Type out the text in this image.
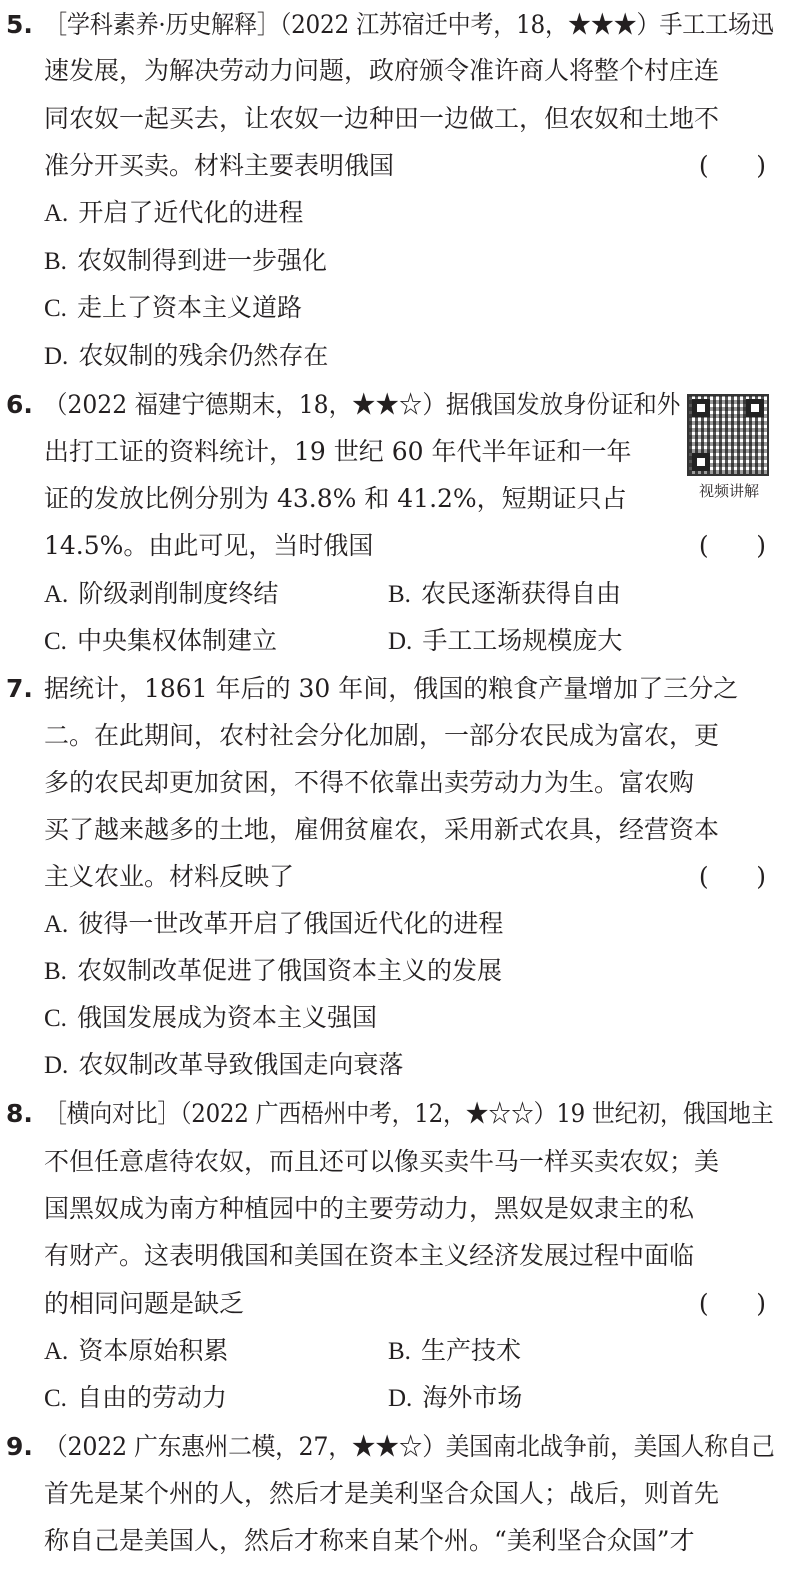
5. ［学科素养·历史解释］（2022 江苏宿迁中考，18，★★★）手工工场迅
速发展，为解决劳动力问题，政府颁令准许商人将整个村庄连
同农奴一起买去，让农奴一边种田一边做工，但农奴和土地不
准分开买卖。材料主要表明俄国	(      )
A. 开启了近代化的进程
B. 农奴制得到进一步强化
C. 走上了资本主义道路
D. 农奴制的残余仍然存在
6. （2022 福建宁德期末，18，★★☆）据俄国发放身份证和外
出打工证的资料统计，19 世纪 60 年代半年证和一年
证的发放比例分别为 43.8% 和 41.2%，短期证只占
14.5%。由此可见，当时俄国	(      )
A. 阶级剥削制度终结	B. 农民逐渐获得自由
C. 中央集权体制建立	D. 手工工场规模庞大
视频讲解
7. 据统计，1861 年后的 30 年间，俄国的粮食产量增加了三分之
二。在此期间，农村社会分化加剧，一部分农民成为富农，更
多的农民却更加贫困，不得不依靠出卖劳动力为生。富农购
买了越来越多的土地，雇佣贫雇农，采用新式农具，经营资本
主义农业。材料反映了	(      )
A. 彼得一世改革开启了俄国近代化的进程
B. 农奴制改革促进了俄国资本主义的发展
C. 俄国发展成为资本主义强国
D. 农奴制改革导致俄国走向衰落
8. ［横向对比］（2022 广西梧州中考，12，★☆☆）19 世纪初，俄国地主
不但任意虐待农奴，而且还可以像买卖牛马一样买卖农奴；美
国黑奴成为南方种植园中的主要劳动力，黑奴是奴隶主的私
有财产。这表明俄国和美国在资本主义经济发展过程中面临
的相同问题是缺乏	(      )
A. 资本原始积累	B. 生产技术
C. 自由的劳动力	D. 海外市场
9. （2022 广东惠州二模，27，★★☆）美国南北战争前，美国人称自己
首先是某个州的人，然后才是美利坚合众国人；战后，则首先
称自己是美国人，然后才称来自某个州。“美利坚合众国”才
